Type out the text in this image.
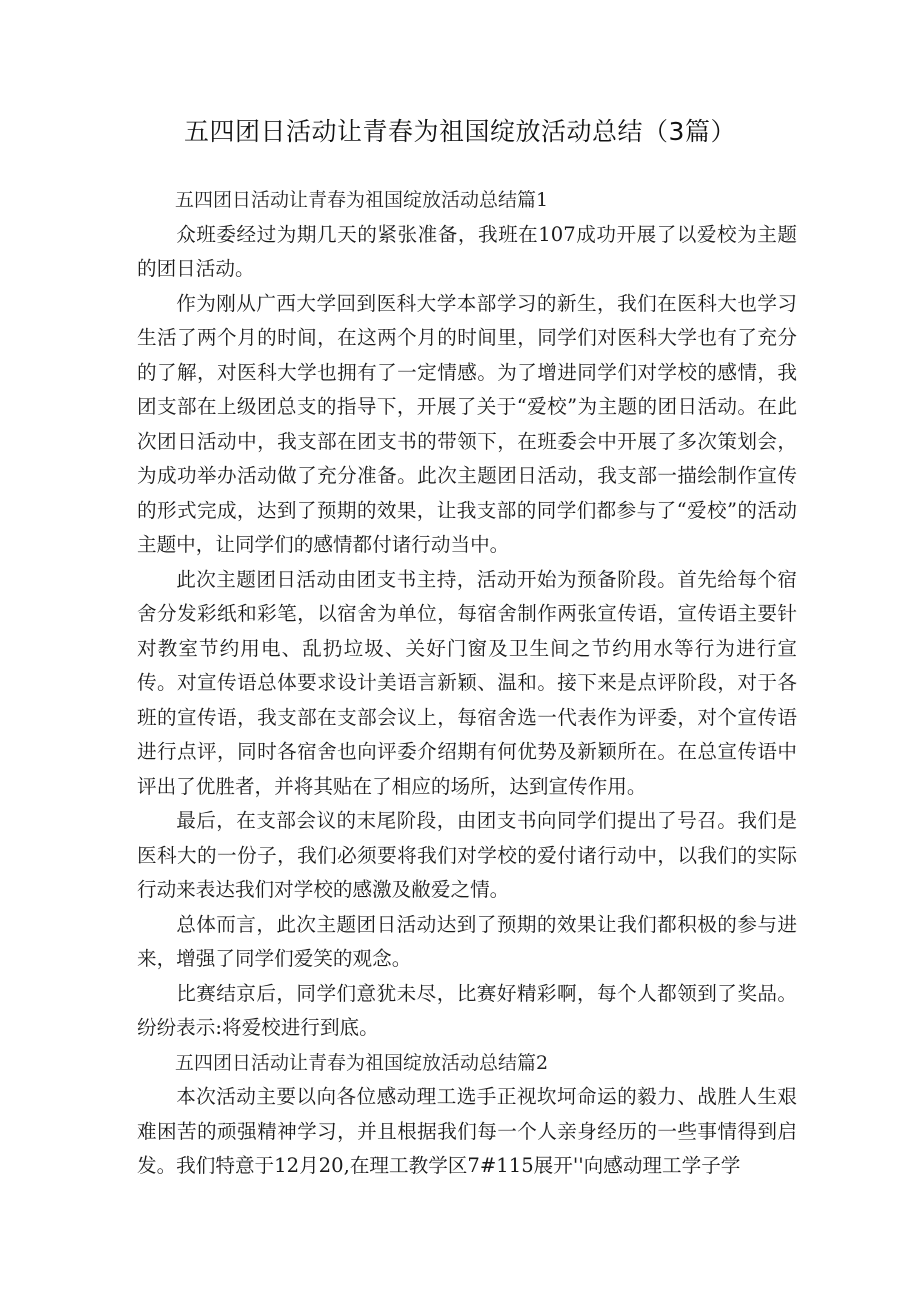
五四团日活动让青春为祖国绽放活动总结（3篇）

五四团日活动让青春为祖国绽放活动总结篇1

众班委经过为期几天的紧张准备，我班在107成功开展了以爱校为主题的团日活动。

作为刚从广西大学回到医科大学本部学习的新生，我们在医科大也学习生活了两个月的时间，在这两个月的时间里，同学们对医科大学也有了充分的了解，对医科大学也拥有了一定情感。为了增进同学们对学校的感情，我团支部在上级团总支的指导下，开展了关于“爱校”为主题的团日活动。在此次团日活动中，我支部在团支书的带领下，在班委会中开展了多次策划会，为成功举办活动做了充分准备。此次主题团日活动，我支部一描绘制作宣传的形式完成，达到了预期的效果，让我支部的同学们都参与了“爱校”的活动主题中，让同学们的感情都付诸行动当中。

此次主题团日活动由团支书主持，活动开始为预备阶段。首先给每个宿舍分发彩纸和彩笔，以宿舍为单位，每宿舍制作两张宣传语，宣传语主要针对教室节约用电、乱扔垃圾、关好门窗及卫生间之节约用水等行为进行宣传。对宣传语总体要求设计美语言新颖、温和。接下来是点评阶段，对于各班的宣传语，我支部在支部会议上，每宿舍选一代表作为评委，对个宣传语进行点评，同时各宿舍也向评委介绍期有何优势及新颖所在。在总宣传语中评出了优胜者，并将其贴在了相应的场所，达到宣传作用。

最后，在支部会议的末尾阶段，由团支书向同学们提出了号召。我们是医科大的一份子，我们必须要将我们对学校的爱付诸行动中，以我们的实际行动来表达我们对学校的感激及敝爱之情。

总体而言，此次主题团日活动达到了预期的效果让我们都积极的参与进来，增强了同学们爱笑的观念。

比赛结京后，同学们意犹未尽，比赛好精彩啊，每个人都领到了奖品。纷纷表示:将爱校进行到底。

五四团日活动让青春为祖国绽放活动总结篇2

本次活动主要以向各位感动理工选手正视坎坷命运的毅力、战胜人生艰难困苦的顽强精神学习，并且根据我们每一个人亲身经历的一些事情得到启发。我们特意于12月20,在理工教学区7#115展开''向感动理工学子学
